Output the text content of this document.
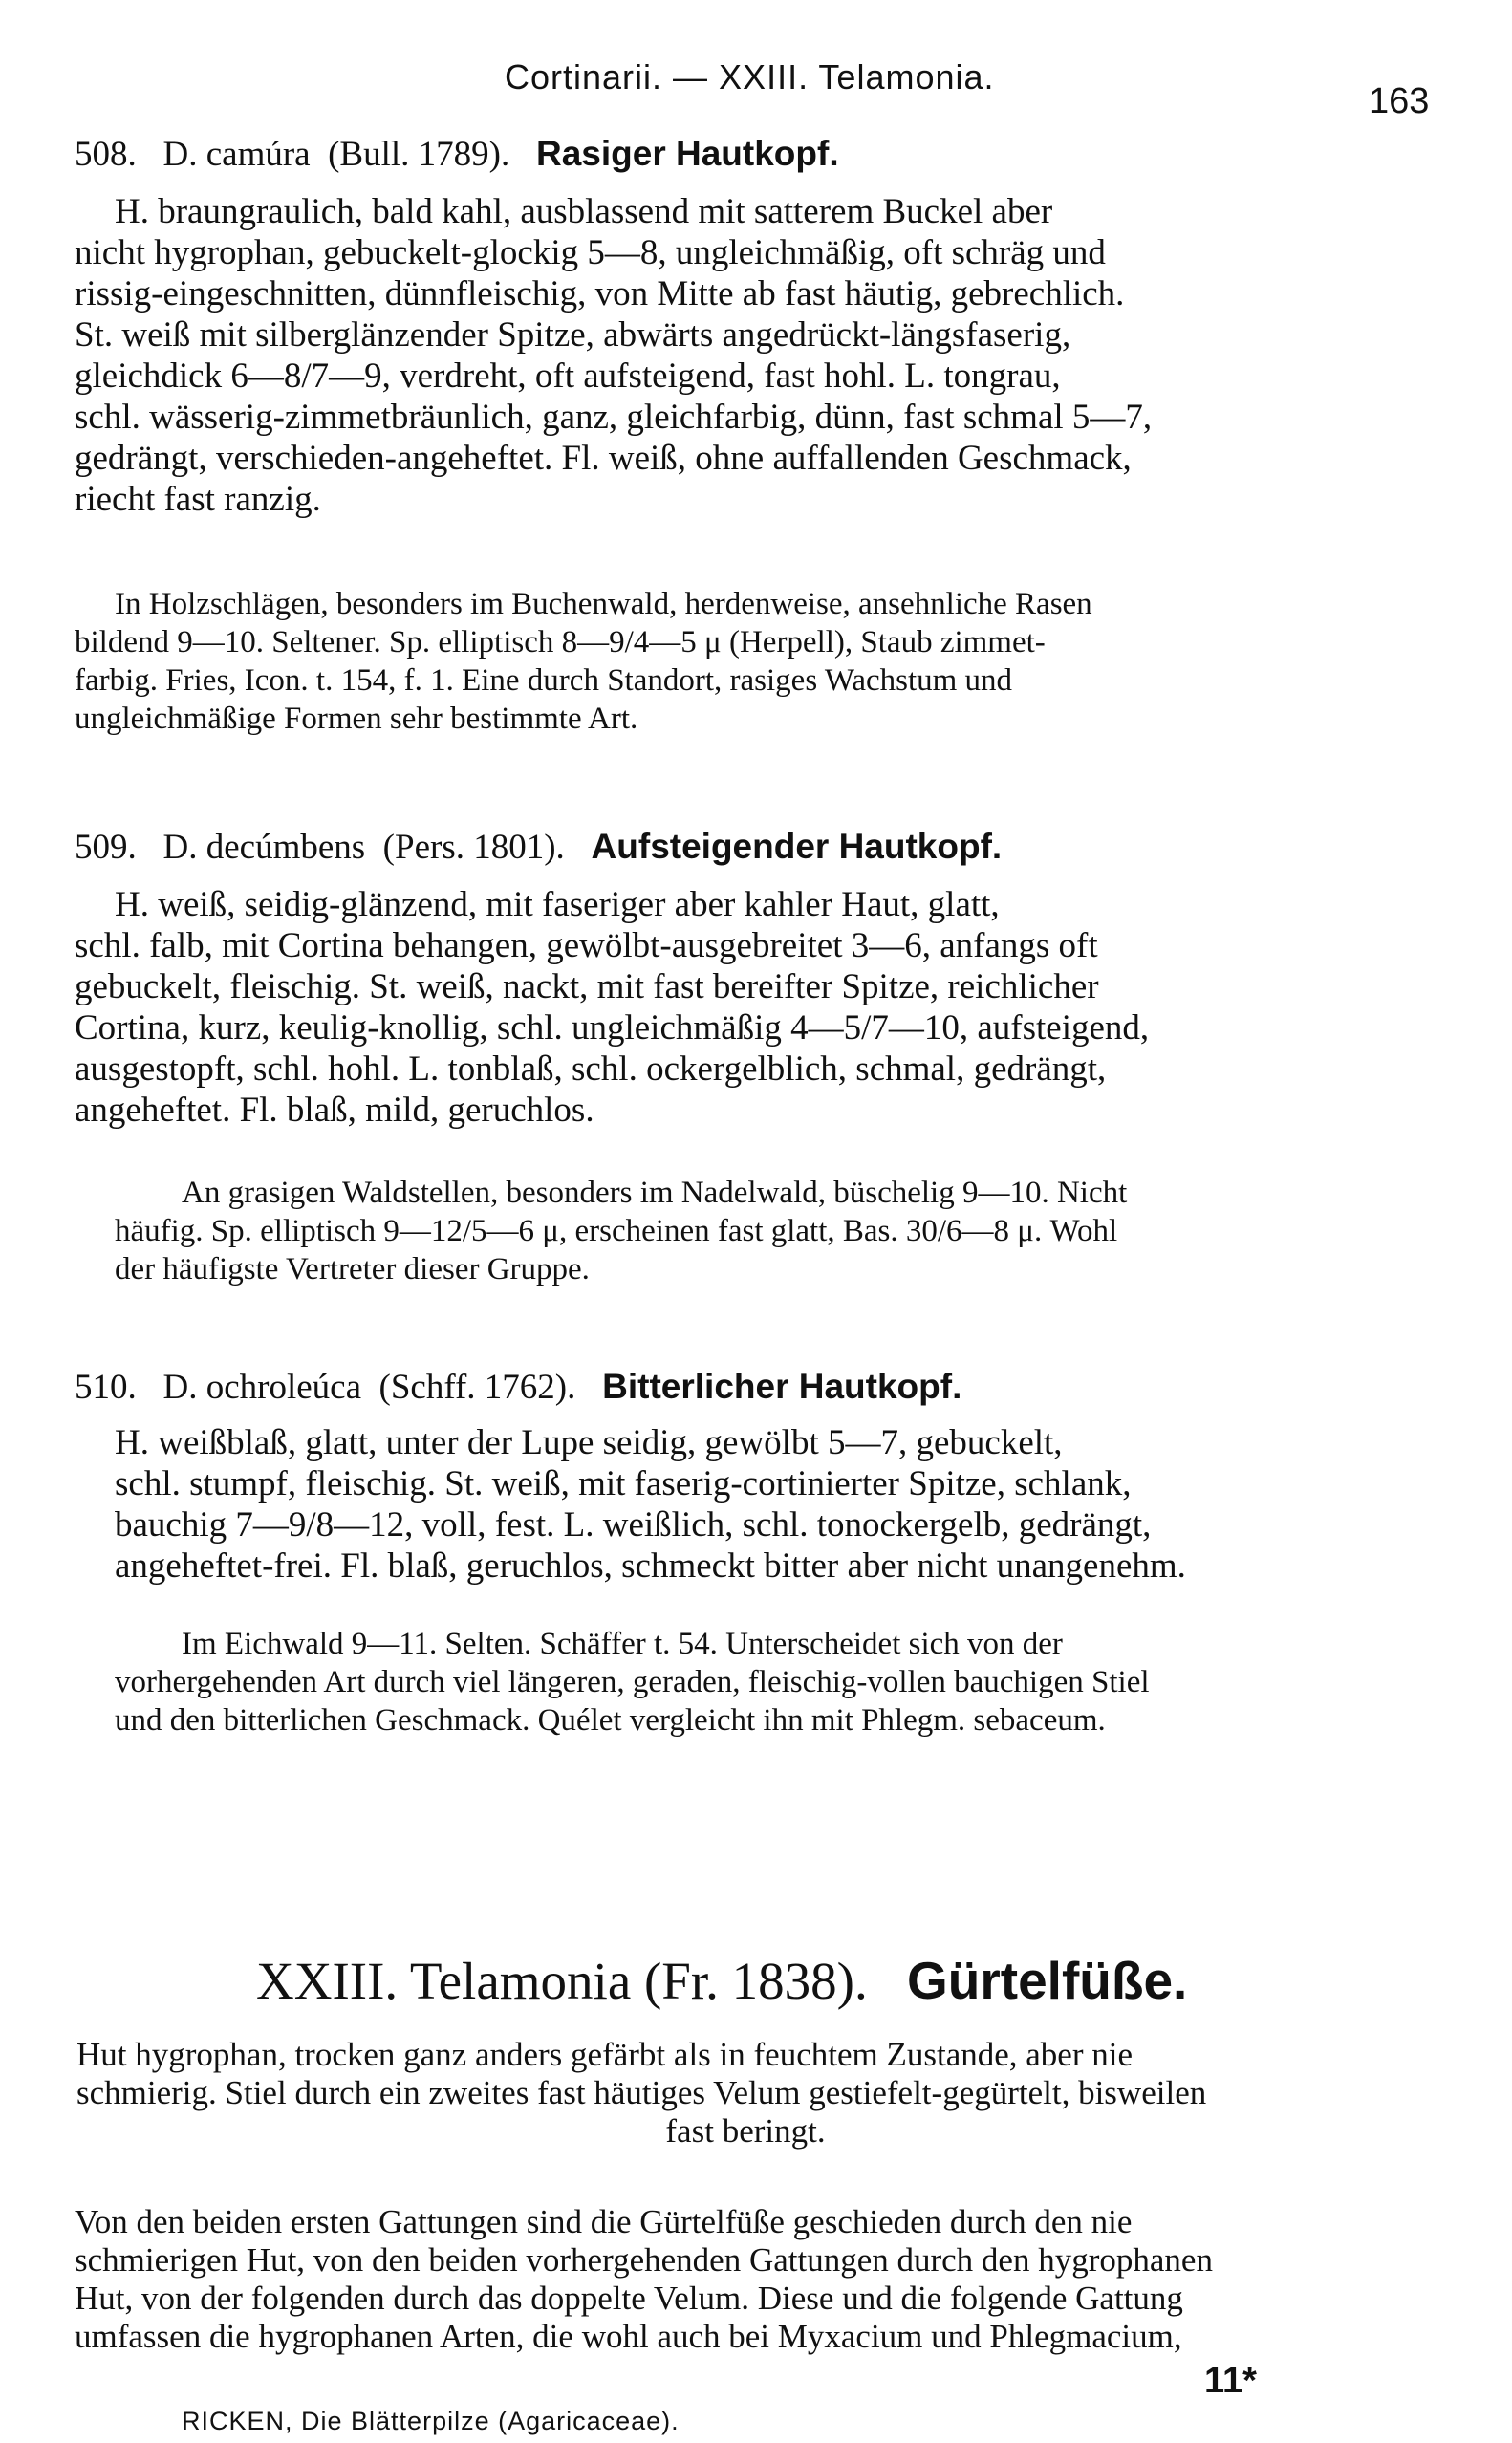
Cortinarii. — XXIII. Telamonia.
163
508. D. camúra (Bull. 1789). Rasiger Hautkopf.
H. braungraulich, bald kahl, ausblassend mit satterem Buckel aber
nicht hygrophan, gebuckelt-glockig 5—8, ungleichmäßig, oft schräg und
rissig-eingeschnitten, dünnfleischig, von Mitte ab fast häutig, gebrechlich.
St. weiß mit silberglänzender Spitze, abwärts angedrückt-längsfaserig,
gleichdick 6—8/7—9, verdreht, oft aufsteigend, fast hohl. L. tongrau,
schl. wässerig-zimmetbräunlich, ganz, gleichfarbig, dünn, fast schmal 5—7,
gedrängt, verschieden-angeheftet. Fl. weiß, ohne auffallenden Geschmack,
riecht fast ranzig.
In Holzschlägen, besonders im Buchenwald, herdenweise, ansehnliche Rasen
bildend 9—10. Seltener. Sp. elliptisch 8—9/4—5 μ (Herpell), Staub zimmet-
farbig. Fries, Icon. t. 154, f. 1. Eine durch Standort, rasiges Wachstum und
ungleichmäßige Formen sehr bestimmte Art.
509. D. decúmbens (Pers. 1801). Aufsteigender Hautkopf.
H. weiß, seidig-glänzend, mit faseriger aber kahler Haut, glatt,
schl. falb, mit Cortina behangen, gewölbt-ausgebreitet 3—6, anfangs oft
gebuckelt, fleischig. St. weiß, nackt, mit fast bereifter Spitze, reichlicher
Cortina, kurz, keulig-knollig, schl. ungleichmäßig 4—5/7—10, aufsteigend,
ausgestopft, schl. hohl. L. tonblaß, schl. ockergelblich, schmal, gedrängt,
angeheftet. Fl. blaß, mild, geruchlos.
An grasigen Waldstellen, besonders im Nadelwald, büschelig 9—10. Nicht
häufig. Sp. elliptisch 9—12/5—6 μ, erscheinen fast glatt, Bas. 30/6—8 μ. Wohl
der häufigste Vertreter dieser Gruppe.
510. D. ochroleúca (Schff. 1762). Bitterlicher Hautkopf.
H. weißblaß, glatt, unter der Lupe seidig, gewölbt 5—7, gebuckelt,
schl. stumpf, fleischig. St. weiß, mit faserig-cortinierter Spitze, schlank,
bauchig 7—9/8—12, voll, fest. L. weißlich, schl. tonockergelb, gedrängt,
angeheftet-frei. Fl. blaß, geruchlos, schmeckt bitter aber nicht unangenehm.
Im Eichwald 9—11. Selten. Schäffer t. 54. Unterscheidet sich von der
vorhergehenden Art durch viel längeren, geraden, fleischig-vollen bauchigen Stiel
und den bitterlichen Geschmack. Quélet vergleicht ihn mit Phlegm. sebaceum.
XXIII. Telamonia (Fr. 1838). Gürtelfüße.
Hut hygrophan, trocken ganz anders gefärbt als in feuchtem Zustande, aber nie
schmierig. Stiel durch ein zweites fast häutiges Velum gestiefelt-gegürtelt, bisweilen
fast beringt.
Von den beiden ersten Gattungen sind die Gürtelfüße geschieden durch den nie
schmierigen Hut, von den beiden vorhergehenden Gattungen durch den hygrophanen
Hut, von der folgenden durch das doppelte Velum. Diese und die folgende Gattung
umfassen die hygrophanen Arten, die wohl auch bei Myxacium und Phlegmacium,
11*
RICKEN, Die Blätterpilze (Agaricaceae).
